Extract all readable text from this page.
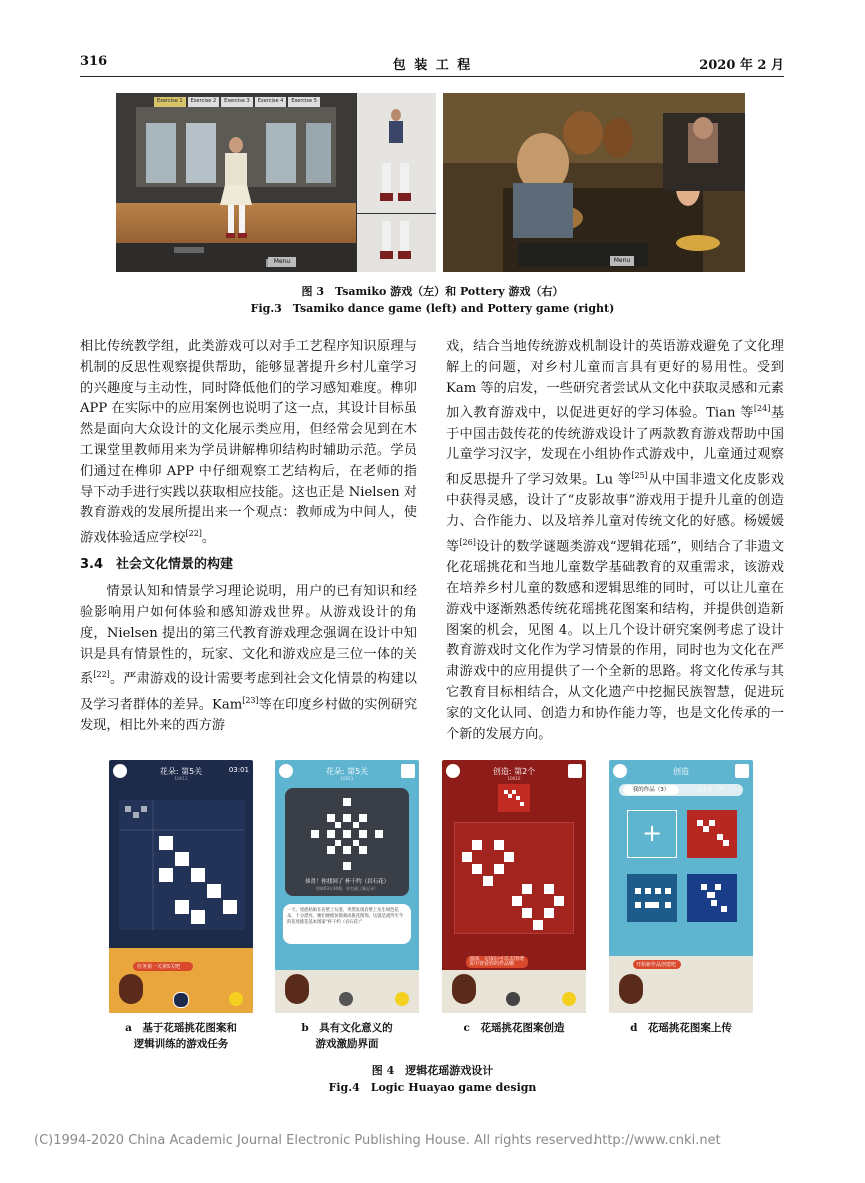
316	包 装 工 程	2020 年 2 月
Exercise 1	Exercise 2	Exercise 3	Exercise 4	Exercise 5
Menu	Menu
图 3　Tsamiko 游戏（左）和 Pottery 游戏（右）
Fig.3　Tsamiko dance game (left) and Pottery game (right)

相比传统教学组，此类游戏可以对手工艺程序知识原理与机制的反思性观察提供帮助，能够显著提升乡村儿童学习的兴趣度与主动性，同时降低他们的学习感知难度。榫卯 APP 在实际中的应用案例也说明了这一点，其设计目标虽然是面向大众设计的文化展示类应用，但经常会见到在木工课堂里教师用来为学员讲解榫卯结构时辅助示范。学员们通过在榫卯 APP 中仔细观察工艺结构后，在老师的指导下动手进行实践以获取相应技能。这也正是 Nielsen 对教育游戏的发展所提出来一个观点：教师成为中间人，使游戏体验适应学校[22]。

3.4　社会文化情景的构建

情景认知和情景学习理论说明，用户的已有知识和经验影响用户如何体验和感知游戏世界。从游戏设计的角度，Nielsen 提出的第三代教育游戏理念强调在设计中知识是具有情景性的，玩家、文化和游戏应是三位一体的关系[22]。严肃游戏的设计需要考虑到社会文化情景的构建以及学习者群体的差异。Kam[23]等在印度乡村做的实例研究发现，相比外来的西方游

戏，结合当地传统游戏机制设计的英语游戏避免了文化理解上的问题，对乡村儿童而言具有更好的易用性。受到 Kam 等的启发，一些研究者尝试从文化中获取灵感和元素加入教育游戏中，以促进更好的学习体验。Tian 等[24]基于中国击鼓传花的传统游戏设计了两款教育游戏帮助中国儿童学习汉字，发现在小组协作式游戏中，儿童通过观察和反思提升了学习效果。Lu 等[25]从中国非遗文化皮影戏中获得灵感，设计了“皮影故事”游戏用于提升儿童的创造力、合作能力、以及培养儿童对传统文化的好感。杨媛媛等[26]设计的数学谜题类游戏“逻辑花瑶”，则结合了非遗文化花瑶挑花和当地儿童数学基础教育的双重需求，该游戏在培养乡村儿童的数感和逻辑思维的同时，可以让儿童在游戏中逐渐熟悉传统花瑶挑花图案和结构，并提供创造新图案的机会，见图 4。以上几个设计研究案例考虑了设计教育游戏时文化作为学习情景的作用，同时也为文化在严肃游戏中的应用提供了一个全新的思路。将文化传承与其它教育目标相结合，从文化遗产中挖掘民族智慧，促进玩家的文化认同、创造力和协作能力等，也是文化传承的一个新的发展方向。

花朵: 第5关
10X11
03:01
任务第一关第5关吧
花朵: 第5关
10X11
恭喜！你找回了 杯干约（岩石花）
用时03分10秒，你打破了新记录！
一天，瑶族姑娘在岩壁上玩耍，突然发现岩壁上丛生绿色花朵，十分漂亮，她们便模仿描刻成挑花图饰。这就是流传至今的花瑶挑花基本图案“杯干约（岩石花）”
创造: 第2个
10X10
加油，完成后可以去图谱页中查看你的作品哦
创造
我的作品（3）	已上传（2）
+
开始新作品创建吧
a　基于花瑶挑花图案和
逻辑训练的游戏任务
b　具有文化意义的
游戏激励界面
c　花瑶挑花图案创造	d　花瑶挑花图案上传
图 4　逻辑花瑶游戏设计
Fig.4　Logic Huayao game design
(C)1994-2020 China Academic Journal Electronic Publishing House. All rights reserved.
http://www.cnki.net
